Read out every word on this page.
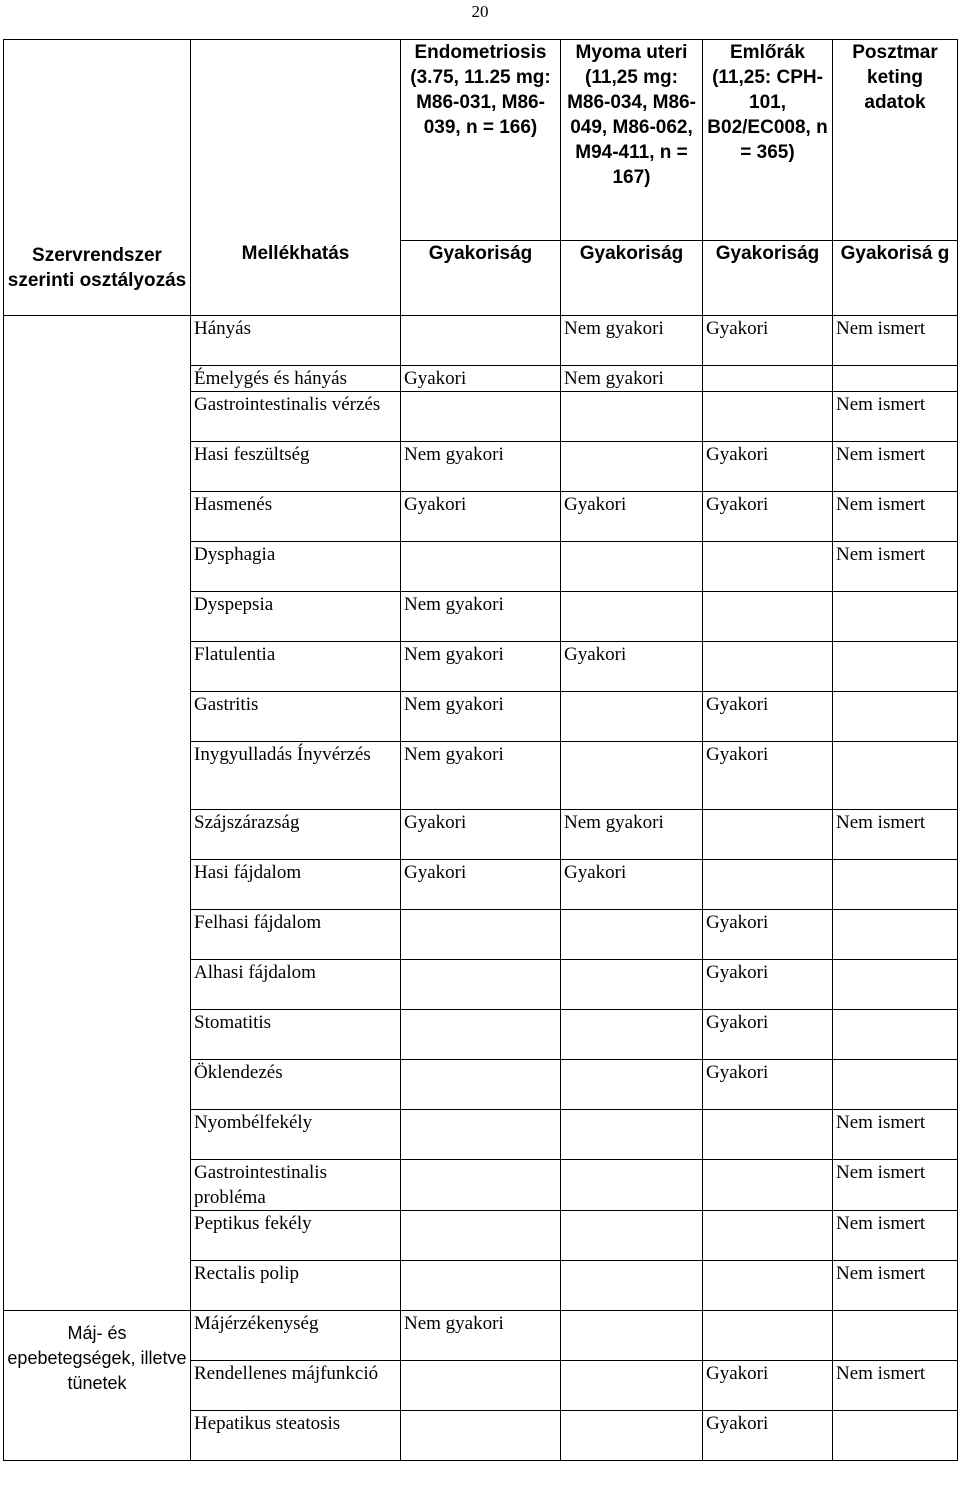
20
Szervrendszer szerinti osztályozás		Endometriosis (3.75, 11.25 mg: M86-031, M86-039, n = 166)	Myoma uteri (11,25 mg: M86-034, M86-049, M86-062, M94-411, n = 167)	Emlőrák (11,25: CPH-101, B02/EC008, n = 365)	Posztmar keting adatok
	Mellékhatás	Gyakoriság	Gyakoriság	Gyakoriság	Gyakorisá g
	Hányás		Nem gyakori	Gyakori	Nem ismert
	Émelygés és hányás	Gyakori	Nem gyakori		
	Gastrointestinalis vérzés				Nem ismert
	Hasi feszültség	Nem gyakori		Gyakori	Nem ismert
	Hasmenés	Gyakori	Gyakori	Gyakori	Nem ismert
	Dysphagia				Nem ismert
	Dyspepsia	Nem gyakori			
	Flatulentia	Nem gyakori	Gyakori		
	Gastritis	Nem gyakori		Gyakori	
	Inygyulladás Ínyvérzés	Nem gyakori		Gyakori	
	Szájszárazság	Gyakori	Nem gyakori		Nem ismert
	Hasi fájdalom	Gyakori	Gyakori		
	Felhasi fájdalom			Gyakori	
	Alhasi fájdalom			Gyakori	
	Stomatitis			Gyakori	
	Öklendezés			Gyakori	
	Nyombélfekély				Nem ismert
	Gastrointestinalis probléma				Nem ismert
	Peptikus fekély				Nem ismert
	Rectalis polip				Nem ismert
Máj- és epebetegségek, illetve tünetek	Májérzékenység	Nem gyakori			
	Rendellenes májfunkció			Gyakori	Nem ismert
	Hepatikus steatosis			Gyakori	
